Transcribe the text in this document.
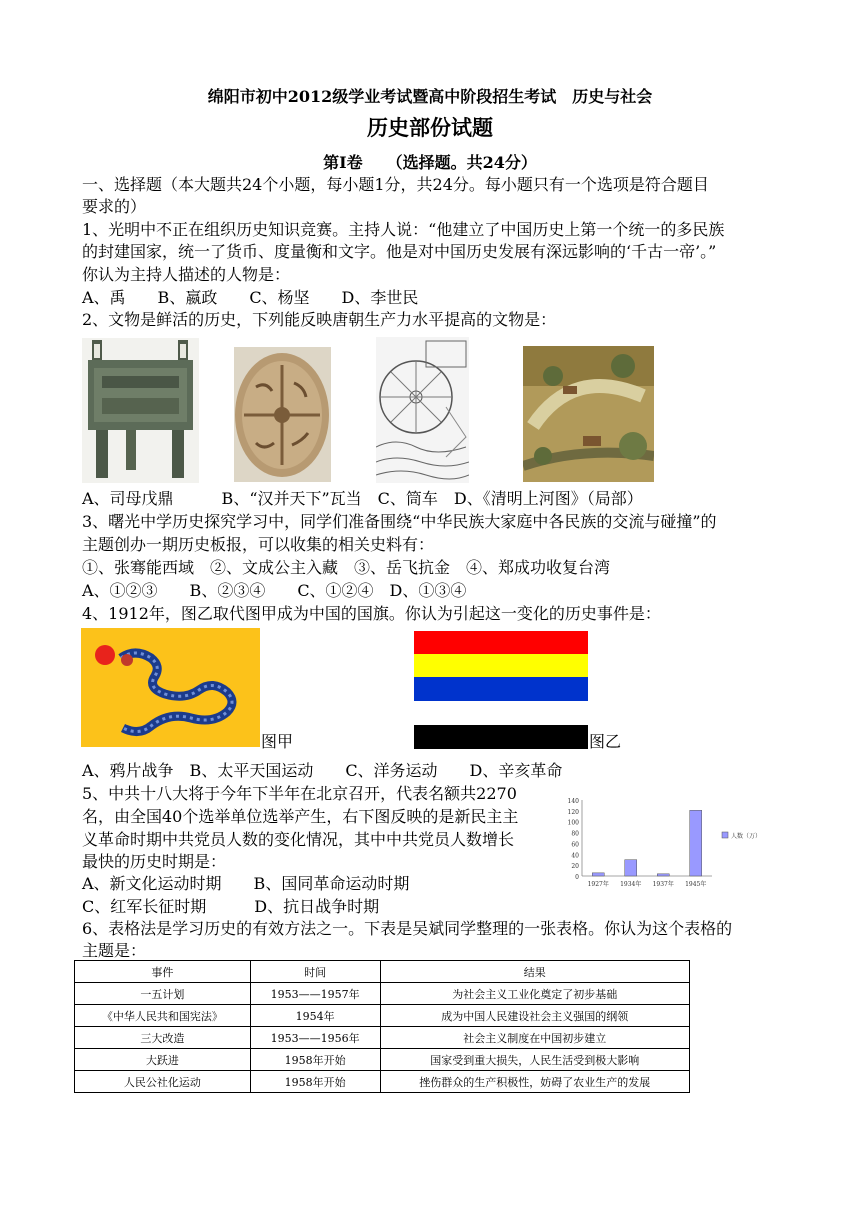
绵阳市初中2012级学业考试暨高中阶段招生考试　历史与社会
历史部份试题
第Ⅰ卷　　（选择题。共24分）
一、选择题（本大题共24个小题，每小题1分，共24分。每小题只有一个选项是符合题目
要求的）
1、光明中不正在组织历史知识竞赛。主持人说：“他建立了中国历史上第一个统一的多民族
的封建国家，统一了货币、度量衡和文字。他是对中国历史发展有深远影响的‘千古一帝’。”
你认为主持人描述的人物是：
A、禹　　B、嬴政　　C、杨坚　　D、李世民
2、文物是鲜活的历史，下列能反映唐朝生产力水平提高的文物是：
A、司母戊鼎　　　B、“汉并天下”瓦当　C、筒车　D、《清明上河图》（局部）
3、曙光中学历史探究学习中，同学们准备围绕“中华民族大家庭中各民族的交流与碰撞”的
主题创办一期历史板报，可以收集的相关史料有：
①、张骞能西域　②、文成公主入藏　③、岳飞抗金　④、郑成功收复台湾
A、①②③　　B、②③④　　C、①②④　D、①③④
4、1912年，图乙取代图甲成为中国的国旗。你认为引起这一变化的历史事件是：
图甲	图乙
A、鸦片战争　B、太平天国运动　　C、洋务运动　　D、辛亥革命
5、中共十八大将于今年下半年在北京召开，代表名额共2270
名，由全国40个选举单位选举产生，右下图反映的是新民主主
义革命时期中共党员人数的变化情况，其中中共党员人数增长
最快的历史时期是：
A、新文化运动时期　　B、国同革命运动时期
C、红军长征时期　　　D、抗日战争时期
140
120
100
80
60
40
20
0
1927年 1934年 1937年 1945年
人数（万）
6、表格法是学习历史的有效方法之一。下表是吴斌同学整理的一张表格。你认为这个表格的
主题是：
事件	时间	结果
一五计划	1953——1957年	为社会主义工业化奠定了初步基础
《中华人民共和国宪法》	1954年	成为中国人民建设社会主义强国的纲领
三大改造	1953——1956年	社会主义制度在中国初步建立
大跃进	1958年开始	国家受到重大损失，人民生活受到极大影响
人民公社化运动	1958年开始	挫伤群众的生产积极性，妨碍了农业生产的发展
